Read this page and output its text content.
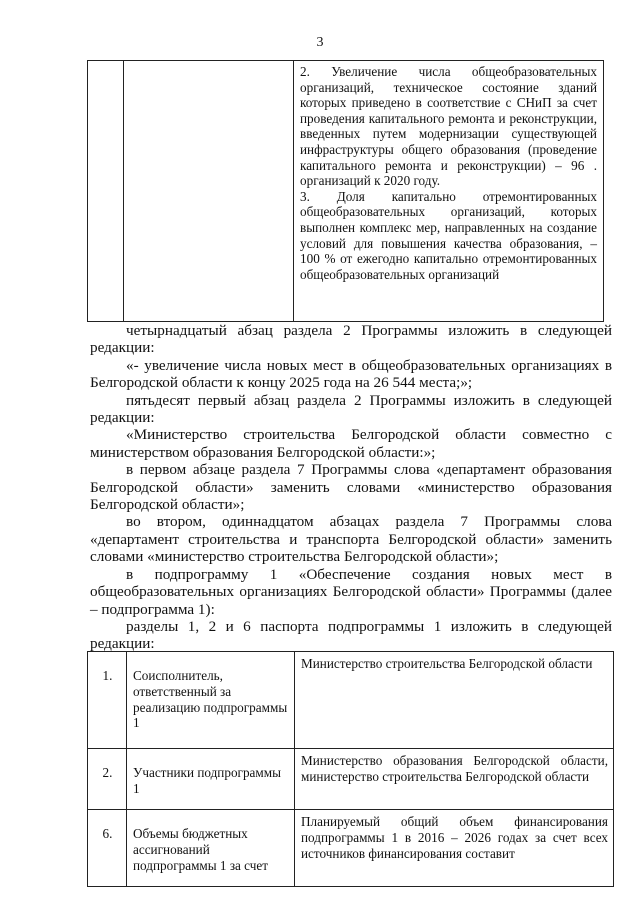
3

2. Увеличение числа общеобразовательных организаций, техническое состояние зданий которых приведено в соответствие с СНиП за счет проведения капитального ремонта и реконструкции, введенных путем модернизации существующей инфраструктуры общего образования (проведение капитального ремонта и реконструкции) – 96 . организаций к 2020 году.

3. Доля капитально отремонтированных общеобразовательных организаций, которых выполнен комплекс мер, направленных на создание условий для повышения качества образования, – 100 % от ежегодно капитально отремонтированных общеобразовательных организаций

четырнадцатый абзац раздела 2 Программы изложить в следующей редакции:

«- увеличение числа новых мест в общеобразовательных организациях в Белгородской области к концу 2025 года на 26 544 места;»;

пятьдесят первый абзац раздела 2 Программы изложить в следующей редакции:

«Министерство строительства Белгородской области совместно с министерством образования Белгородской области:»;

в первом абзаце раздела 7 Программы слова «департамент образования Белгородской области» заменить словами «министерство образования Белгородской области»;

во втором, одиннадцатом абзацах раздела 7 Программы слова «департамент строительства и транспорта Белгородской области» заменить словами «министерство строительства Белгородской области»;

в подпрограмму 1 «Обеспечение создания новых мест в общеобразовательных организациях Белгородской области» Программы (далее – подпрограмма 1):

разделы 1, 2 и 6 паспорта подпрограммы 1 изложить в следующей редакции:

1.	Соисполнитель, ответственный за реализацию подпрограммы 1	Министерство строительства Белгородской области
2.	Участники подпрограммы 1	Министерство образования Белгородской области, министерство строительства Белгородской области
6.	Объемы бюджетных ассигнований подпрограммы 1 за счет	Планируемый общий объем финансирования подпрограммы 1 в 2016 – 2026 годах за счет всех источников финансирования составит
